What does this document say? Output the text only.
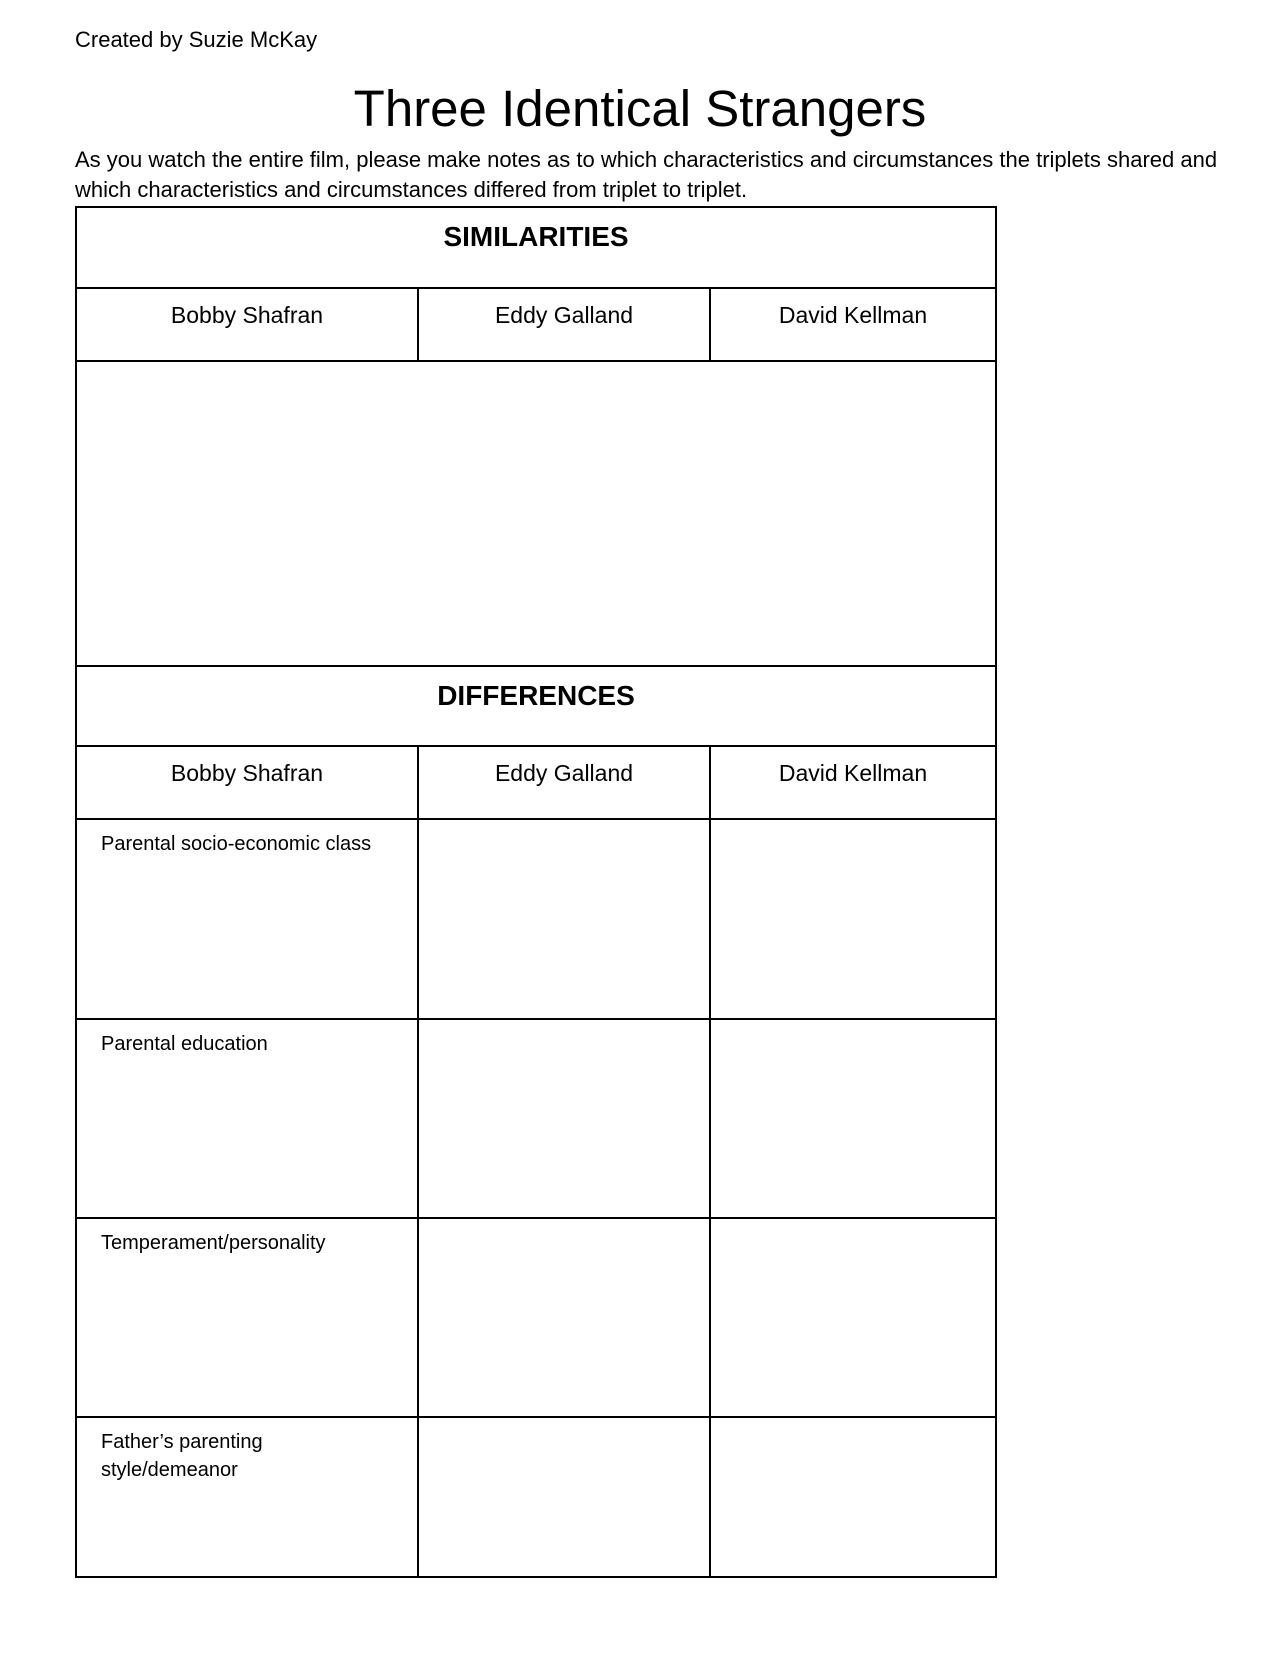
Created by Suzie McKay
Three Identical Strangers

As you watch the entire film, please make notes as to which characteristics and circumstances the triplets shared and which characteristics and circumstances differed from triplet to triplet.

SIMILARITIES		

Bobby Shafran	Eddy Galland	David Kellman

DIFFERENCES		

Bobby Shafran	Eddy Galland	David Kellman

Parental socio-economic class		

Parental education		

Temperament/personality		

Father’s parenting style/demeanor		
